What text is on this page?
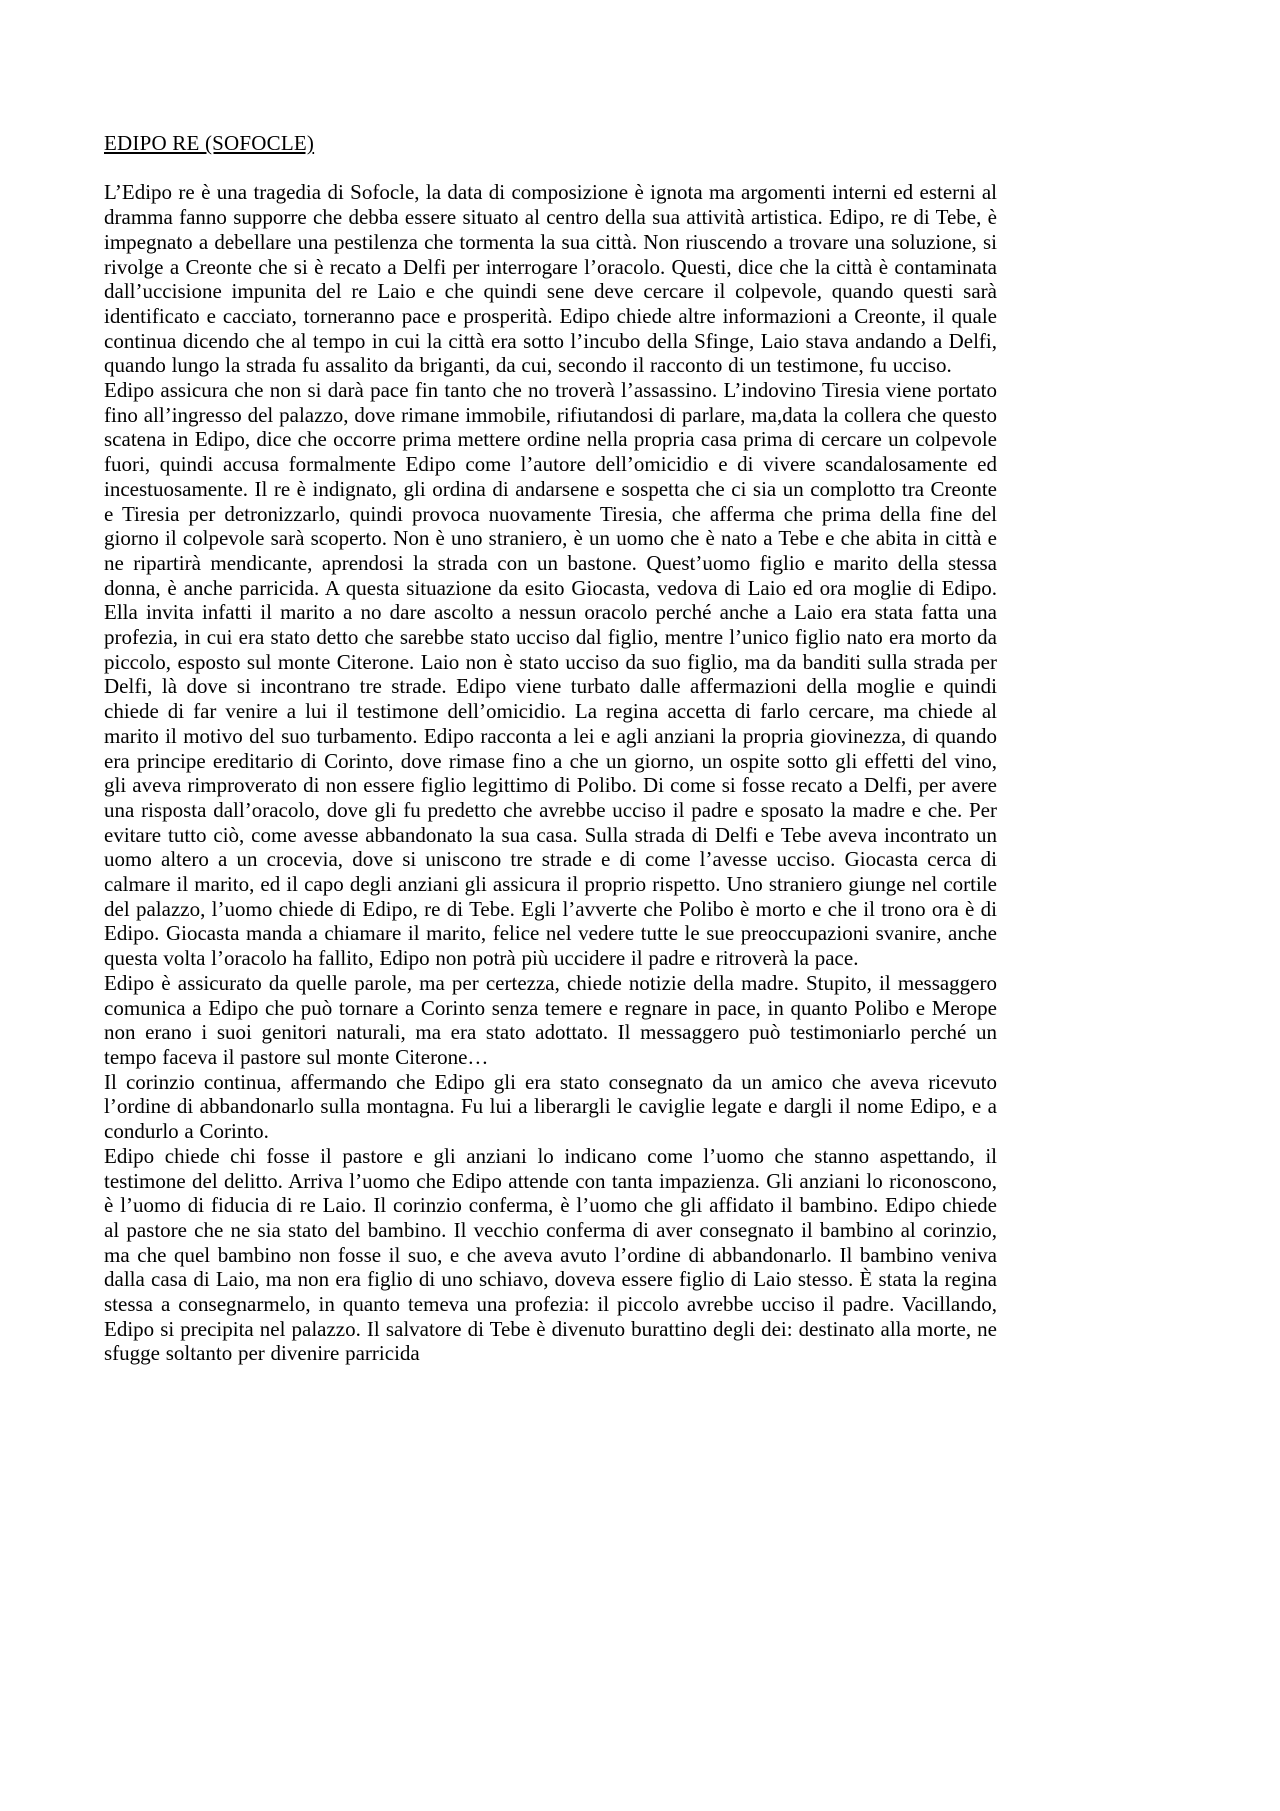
EDIPO RE (SOFOCLE)

L’Edipo re è una tragedia di Sofocle, la data di composizione è ignota ma argomenti interni ed esterni al dramma fanno supporre che debba essere situato al centro della sua attività artistica. Edipo, re di Tebe, è impegnato a debellare una pestilenza che tormenta la sua città. Non riuscendo a trovare una soluzione, si rivolge a Creonte che si è recato a Delfi per interrogare l’oracolo. Questi, dice che la città è contaminata dall’uccisione impunita del re Laio e che quindi sene deve cercare il colpevole, quando questi sarà identificato e cacciato, torneranno pace e prosperità. Edipo chiede altre informazioni a Creonte, il quale continua dicendo che al tempo in cui la città era sotto l’incubo della Sfinge, Laio stava andando a Delfi, quando lungo la strada fu assalito da briganti, da cui, secondo il racconto di un testimone, fu ucciso.

Edipo assicura che non si darà pace fin tanto che no troverà l’assassino. L’indovino Tiresia viene portato fino all’ingresso del palazzo, dove rimane immobile, rifiutandosi di parlare, ma,data la collera che questo scatena in Edipo, dice che occorre prima mettere ordine nella propria casa prima di cercare un colpevole fuori, quindi accusa formalmente Edipo come l’autore dell’omicidio e di vivere scandalosamente ed incestuosamente. Il re è indignato, gli ordina di andarsene e sospetta che ci sia un complotto tra Creonte e Tiresia per detronizzarlo, quindi provoca nuovamente Tiresia, che afferma che prima della fine del giorno il colpevole sarà scoperto. Non è uno straniero, è un uomo che è nato a Tebe e che abita in città e ne ripartirà mendicante, aprendosi la strada con un bastone. Quest’uomo figlio e marito della stessa donna, è anche parricida. A questa situazione da esito Giocasta, vedova di Laio ed ora moglie di Edipo. Ella invita infatti il marito a no dare ascolto a nessun oracolo perché anche a Laio era stata fatta una profezia, in cui era stato detto che sarebbe stato ucciso dal figlio, mentre l’unico figlio nato era morto da piccolo, esposto sul monte Citerone. Laio non è stato ucciso da suo figlio, ma da banditi sulla strada per Delfi, là dove si incontrano tre strade. Edipo viene turbato dalle affermazioni della moglie e quindi chiede di far venire a lui il testimone dell’omicidio. La regina accetta di farlo cercare, ma chiede al marito il motivo del suo turbamento. Edipo racconta a lei e agli anziani la propria giovinezza, di quando era principe ereditario di Corinto, dove rimase fino a che un giorno, un ospite sotto gli effetti del vino, gli aveva rimproverato di non essere figlio legittimo di Polibo. Di come si fosse recato a Delfi, per avere una risposta dall’oracolo, dove gli fu predetto che avrebbe ucciso il padre e sposato la madre e che. Per evitare tutto ciò, come avesse abbandonato la sua casa. Sulla strada di Delfi e Tebe aveva incontrato un uomo altero a un crocevia, dove si uniscono tre strade e di come l’avesse ucciso. Giocasta cerca di calmare il marito, ed il capo degli anziani gli assicura il proprio rispetto. Uno straniero giunge nel cortile del palazzo, l’uomo chiede di Edipo, re di Tebe. Egli l’avverte che Polibo è morto e che il trono ora è di Edipo. Giocasta manda a chiamare il marito, felice nel vedere tutte le sue preoccupazioni svanire, anche questa volta l’oracolo ha fallito, Edipo non potrà più uccidere il padre e ritroverà la pace.

Edipo è assicurato da quelle parole, ma per certezza, chiede notizie della madre. Stupito, il messaggero comunica a Edipo che può tornare a Corinto senza temere e regnare in pace, in quanto Polibo e Merope non erano i suoi genitori naturali, ma era stato adottato. Il messaggero può testimoniarlo perché un tempo faceva il pastore sul monte Citerone…

Il corinzio continua, affermando che Edipo gli era stato consegnato da un amico che aveva ricevuto l’ordine di abbandonarlo sulla montagna. Fu lui a liberargli le caviglie legate e dargli il nome Edipo, e a condurlo a Corinto.

Edipo chiede chi fosse il pastore e gli anziani lo indicano come l’uomo che stanno aspettando, il testimone del delitto. Arriva l’uomo che Edipo attende con tanta impazienza. Gli anziani lo riconoscono, è l’uomo di fiducia di re Laio. Il corinzio conferma, è l’uomo che gli affidato il bambino. Edipo chiede al pastore che ne sia stato del bambino. Il vecchio conferma di aver consegnato il bambino al corinzio, ma che quel bambino non fosse il suo, e che aveva avuto l’ordine di abbandonarlo. Il bambino veniva dalla casa di Laio, ma non era figlio di uno schiavo, doveva essere figlio di Laio stesso. È stata la regina stessa a consegnarmelo, in quanto temeva una profezia: il piccolo avrebbe ucciso il padre. Vacillando, Edipo si precipita nel palazzo. Il salvatore di Tebe è divenuto burattino degli dei: destinato alla morte, ne sfugge soltanto per divenire parricida
